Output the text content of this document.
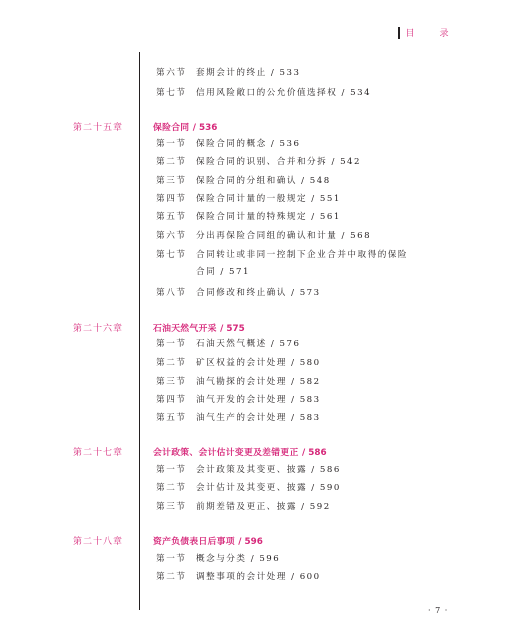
目　录
第六节	套期会计的终止 / 533
第七节	信用风险敞口的公允价值选择权 / 534
第二十五章	保险合同 / 536
第一节	保险合同的概念 / 536
第二节	保险合同的识别、合并和分拆 / 542
第三节	保险合同的分组和确认 / 548
第四节	保险合同计量的一般规定 / 551
第五节	保险合同计量的特殊规定 / 561
第六节	分出再保险合同组的确认和计量 / 568
第七节	合同转让或非同一控制下企业合并中取得的保险
合同 / 571
第八节	合同修改和终止确认 / 573
第二十六章	石油天然气开采 / 575
第一节	石油天然气概述 / 576
第二节	矿区权益的会计处理 / 580
第三节	油气勘探的会计处理 / 582
第四节	油气开发的会计处理 / 583
第五节	油气生产的会计处理 / 583
第二十七章	会计政策、会计估计变更及差错更正 / 586
第一节	会计政策及其变更、披露 / 586
第二节	会计估计及其变更、披露 / 590
第三节	前期差错及更正、披露 / 592
第二十八章	资产负债表日后事项 / 596
第一节	概念与分类 / 596
第二节	调整事项的会计处理 / 600
· 7 ·
